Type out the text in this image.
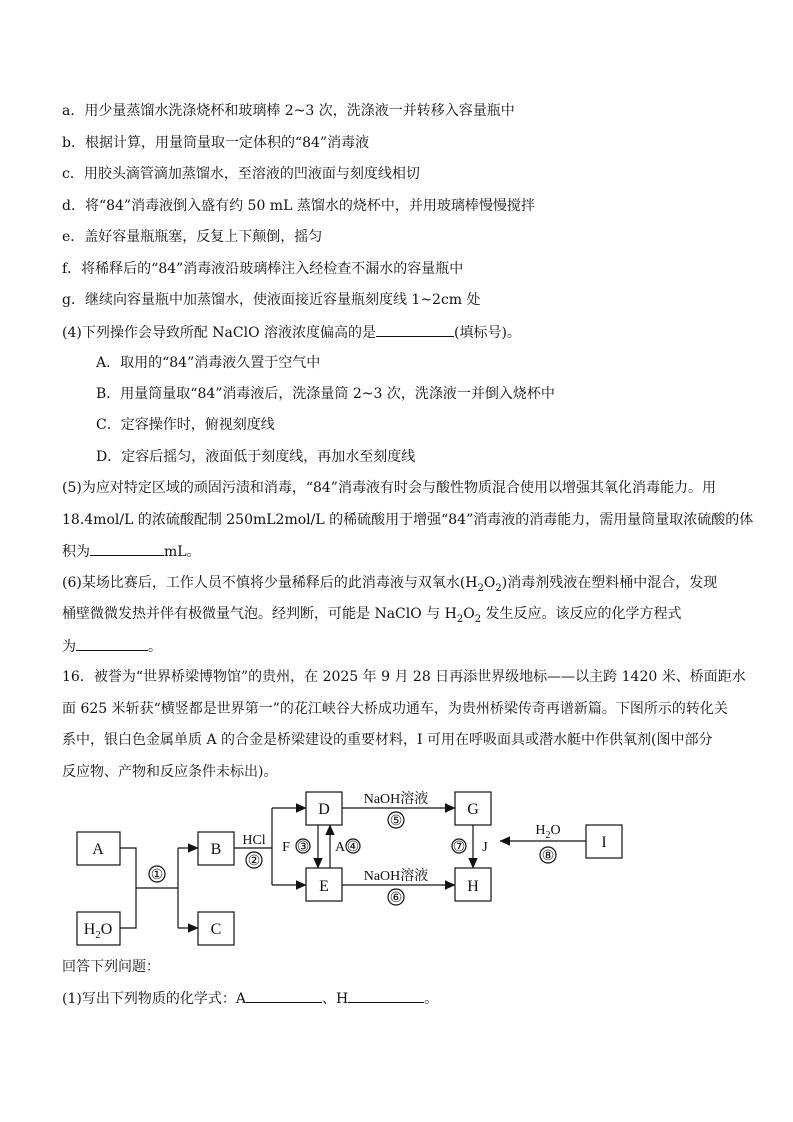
a．用少量蒸馏水洗涤烧杯和玻璃棒 2~3 次，洗涤液一并转移入容量瓶中
b．根据计算，用量筒量取一定体积的“84”消毒液
c．用胶头滴管滴加蒸馏水，至溶液的凹液面与刻度线相切
d．将“84”消毒液倒入盛有约 50 mL 蒸馏水的烧杯中，并用玻璃棒慢慢搅拌
e．盖好容量瓶瓶塞，反复上下颠倒，摇匀
f．将稀释后的“84”消毒液沿玻璃棒注入经检查不漏水的容量瓶中
g．继续向容量瓶中加蒸馏水，使液面接近容量瓶刻度线 1~2cm 处
(4)下列操作会导致所配 NaClO 溶液浓度偏高的是	(填标号)。
A．取用的“84”消毒液久置于空气中
B．用量筒量取“84”消毒液后，洗涤量筒 2~3 次，洗涤液一并倒入烧杯中
C．定容操作时，俯视刻度线
D．定容后摇匀，液面低于刻度线，再加水至刻度线
(5)为应对特定区域的顽固污渍和消毒，“84”消毒液有时会与酸性物质混合使用以增强其氧化消毒能力。用
18.4mol/L 的浓硫酸配制 250mL2mol/L 的稀硫酸用于增强“84”消毒液的消毒能力，需用量筒量取浓硫酸的体
积为	mL。
(6)某场比赛后，工作人员不慎将少量稀释后的此消毒液与双氧水$(H_2O_2)$消毒剂残液在塑料桶中混合，发现
桶壁微微发热并伴有极微量气泡。经判断，可能是 NaClO 与 $H_2O_2$ 发生反应。该反应的化学方程式
为	。
16．被誉为“世界桥梁博物馆”的贵州，在 2025 年 9 月 28 日再添世界级地标——以主跨 1420 米、桥面距水
面 625 米斩获“横竖都是世界第一”的花江峡谷大桥成功通车，为贵州桥梁传奇再谱新篇。下图所示的转化关
系中，银白色金属单质 A 的合金是桥梁建设的重要材料，I 可用在呼吸面具或潜水艇中作供氧剂(图中部分
反应物、产物和反应条件未标出)。
A
$H_2O$
B
C
D
E
G
H
I
①
HCl
②
F ③ A ④
NaOH溶液
⑤
NaOH溶液
⑥
⑦ J
$H_2O$
⑧
回答下列问题：
(1)写出下列物质的化学式：A	、H	。
